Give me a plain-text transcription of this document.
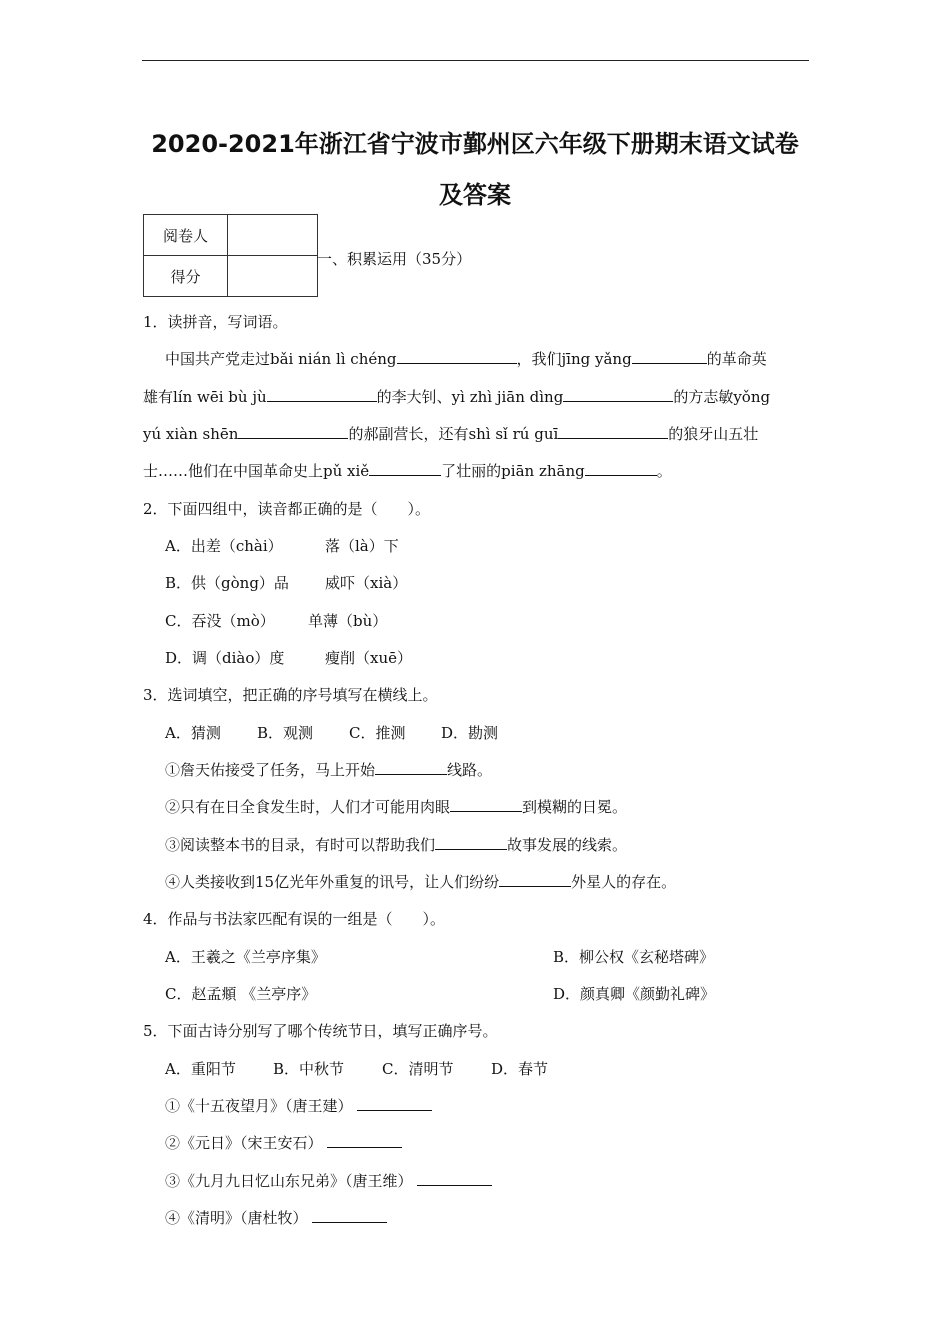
2020-2021年浙江省宁波市鄞州区六年级下册期末语文试卷
及答案
阅卷人	
得分	
一、积累运用（35分）
1．读拼音，写词语。
中国共产党走过bǎi nián lì chéng	，我们jīng yǎng	的革命英
雄有lín wēi bù jù	的李大钊、yì zhì jiān dìng	的方志敏yǒng
yú xiàn shēn	的郝副营长，还有shì sǐ rú guī	的狼牙山五壮
士……他们在中国革命史上pǔ xiě	了壮丽的piān zhāng	。
2．下面四组中，读音都正确的是（　　）。
A．出差（chài）	落（là）下
B．供（gòng）品 威吓（xià）
C．吞没（mò） 单薄（bù）
D．调（diào）度	瘦削（xuē）
3．选词填空，把正确的序号填写在横线上。
A．猜测 B．观测 C．推测 D．勘测
①詹天佑接受了任务，马上开始	线路。
②只有在日全食发生时，人们才可能用肉眼	到模糊的日冕。
③阅读整本书的目录，有时可以帮助我们	故事发展的线索。
④人类接收到15亿光年外重复的讯号，让人们纷纷	外星人的存在。
4．作品与书法家匹配有误的一组是（　　）。
A．王羲之《兰亭序集》	B．柳公权《玄秘塔碑》
C．赵孟頫 《兰亭序》	D．颜真卿《颜勤礼碑》
5．下面古诗分别写了哪个传统节日，填写正确序号。
A．重阳节 B．中秋节	C．清明节	D．春节
①《十五夜望月》（唐王建）
②《元日》（宋王安石）
③《九月九日忆山东兄弟》（唐王维）
④《清明》（唐杜牧）
